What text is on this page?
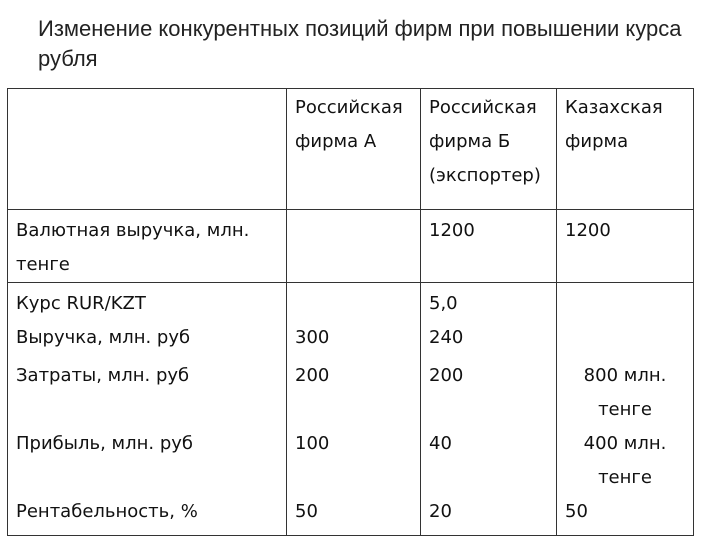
Изменение конкурентных позиций фирм при повышении курса рубля
	Российская фирма А	Российская фирма Б (экспортер)	Казахская фирма
Валютная выручка, млн. тенге		1200	1200
Курс RUR/KZT		5,0	
Выручка, млн. руб	300	240	
Затраты, млн. руб	200	200	800 млн. тенге
Прибыль, млн. руб	100	40	400 млн. тенге
Рентабельность, %	50	20	50
